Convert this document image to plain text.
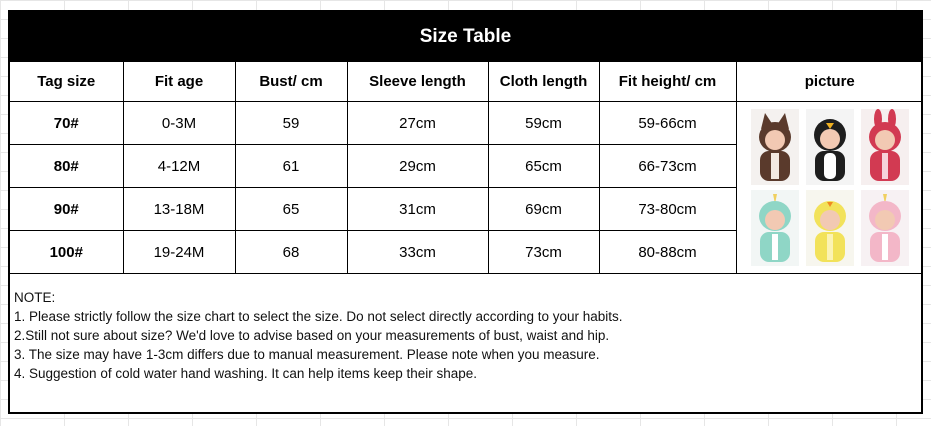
Size Table
Tag size	Fit age	Bust/ cm	Sleeve length	Cloth length	Fit height/ cm	picture
70#	0-3M	59	27cm	59cm	59-66cm	

80#	4-12M	61	29cm	65cm	66-73cm	
90#	13-18M	65	31cm	69cm	73-80cm	
100#	19-24M	68	33cm	73cm	80-88cm	
NOTE:
1. Please strictly follow the size chart to select the size. Do not select directly according to your habits.
2.Still not sure about size? We'd love to advise based on your measurements of bust, waist and hip.
3. The size may have 1-3cm differs due to manual measurement. Please note when you measure.
4. Suggestion of cold water hand washing. It can help items keep their shape.
